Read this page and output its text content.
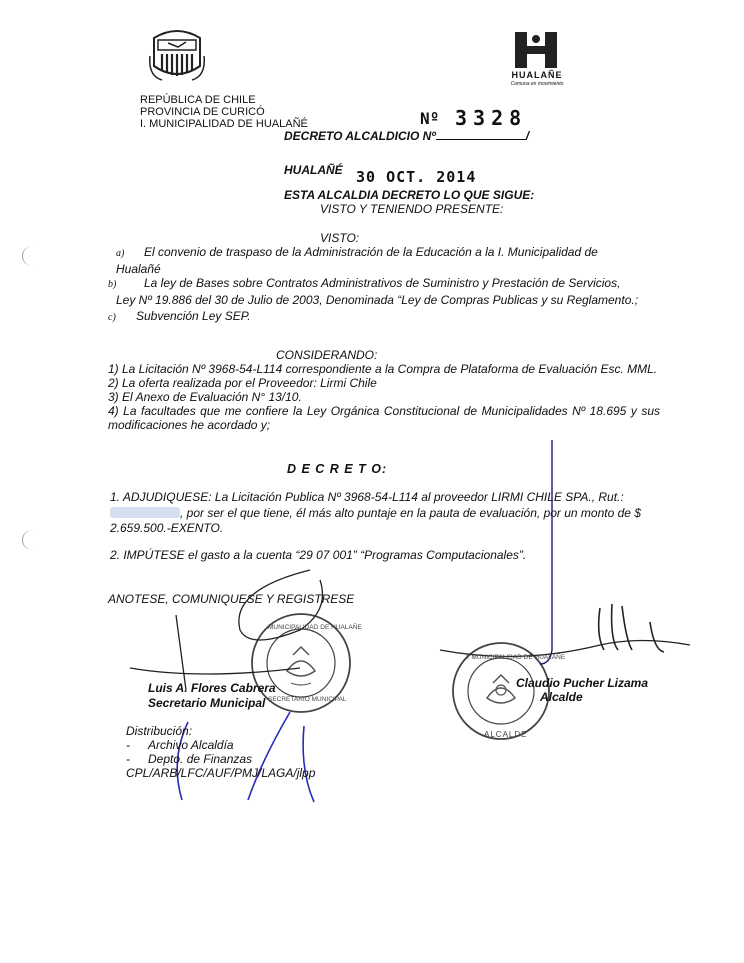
HUALAÑE
Comuna en movimiento
REPÚBLICA DE CHILE
PROVINCIA DE CURICÓ
I. MUNICIPALIDAD DE HUALAÑÉ	Nº 3328
DECRETO ALCALDICIO Nº	/
HUALAÑÉ 30 OCT. 2014
ESTA ALCALDIA DECRETO LO QUE SIGUE:
VISTO Y TENIENDO PRESENTE:
VISTO:
a) El convenio de traspaso de la Administración de la Educación a la I. Municipalidad de
Hualañé
b) La ley de Bases sobre Contratos Administrativos de Suministro y Prestación de Servicios,
Ley Nº 19.886 del 30 de Julio de 2003, Denominada “Ley de Compras Publicas y su Reglamento.;
c) Subvención Ley SEP.
CONSIDERANDO:
1) La Licitación Nº 3968-54-L114 correspondiente a la Compra de Plataforma de Evaluación Esc. MML.
2) La oferta realizada por el Proveedor: Lirmi Chile
3) El Anexo de Evaluación N° 13/10.
4) La facultades que me confiere la Ley Orgánica Constitucional de Municipalidades Nº 18.695 y sus modificaciones he acordado y;
D E C R E T O:
1. ADJUDIQUESE: La Licitación Publica Nº 3968-54-L114 al proveedor LIRMI CHILE SPA., Rut.:
, por ser el que tiene, él más alto puntaje en la pauta de evaluación, por un monto de $
2.659.500.-EXENTO.
2. IMPÚTESE el gasto a la cuenta “29 07 001” “Programas Computacionales”.
ANOTESE, COMUNIQUESE Y REGISTRESE
MUNICIPALIDAD DE HUALAÑE
SECRETARIO MUNICIPAL
I. MUNICIPALIDAD DE HUALAÑE
ALCALDE
Luis A. Flores Cabrera
Secretario Municipal
Claudio Pucher Lizama
Alcalde
Distribución:
- Archivo Alcaldía
- Depto. de Finanzas
CPL/ARB/LFC/AUF/PMJ/LAGA/jlpp
